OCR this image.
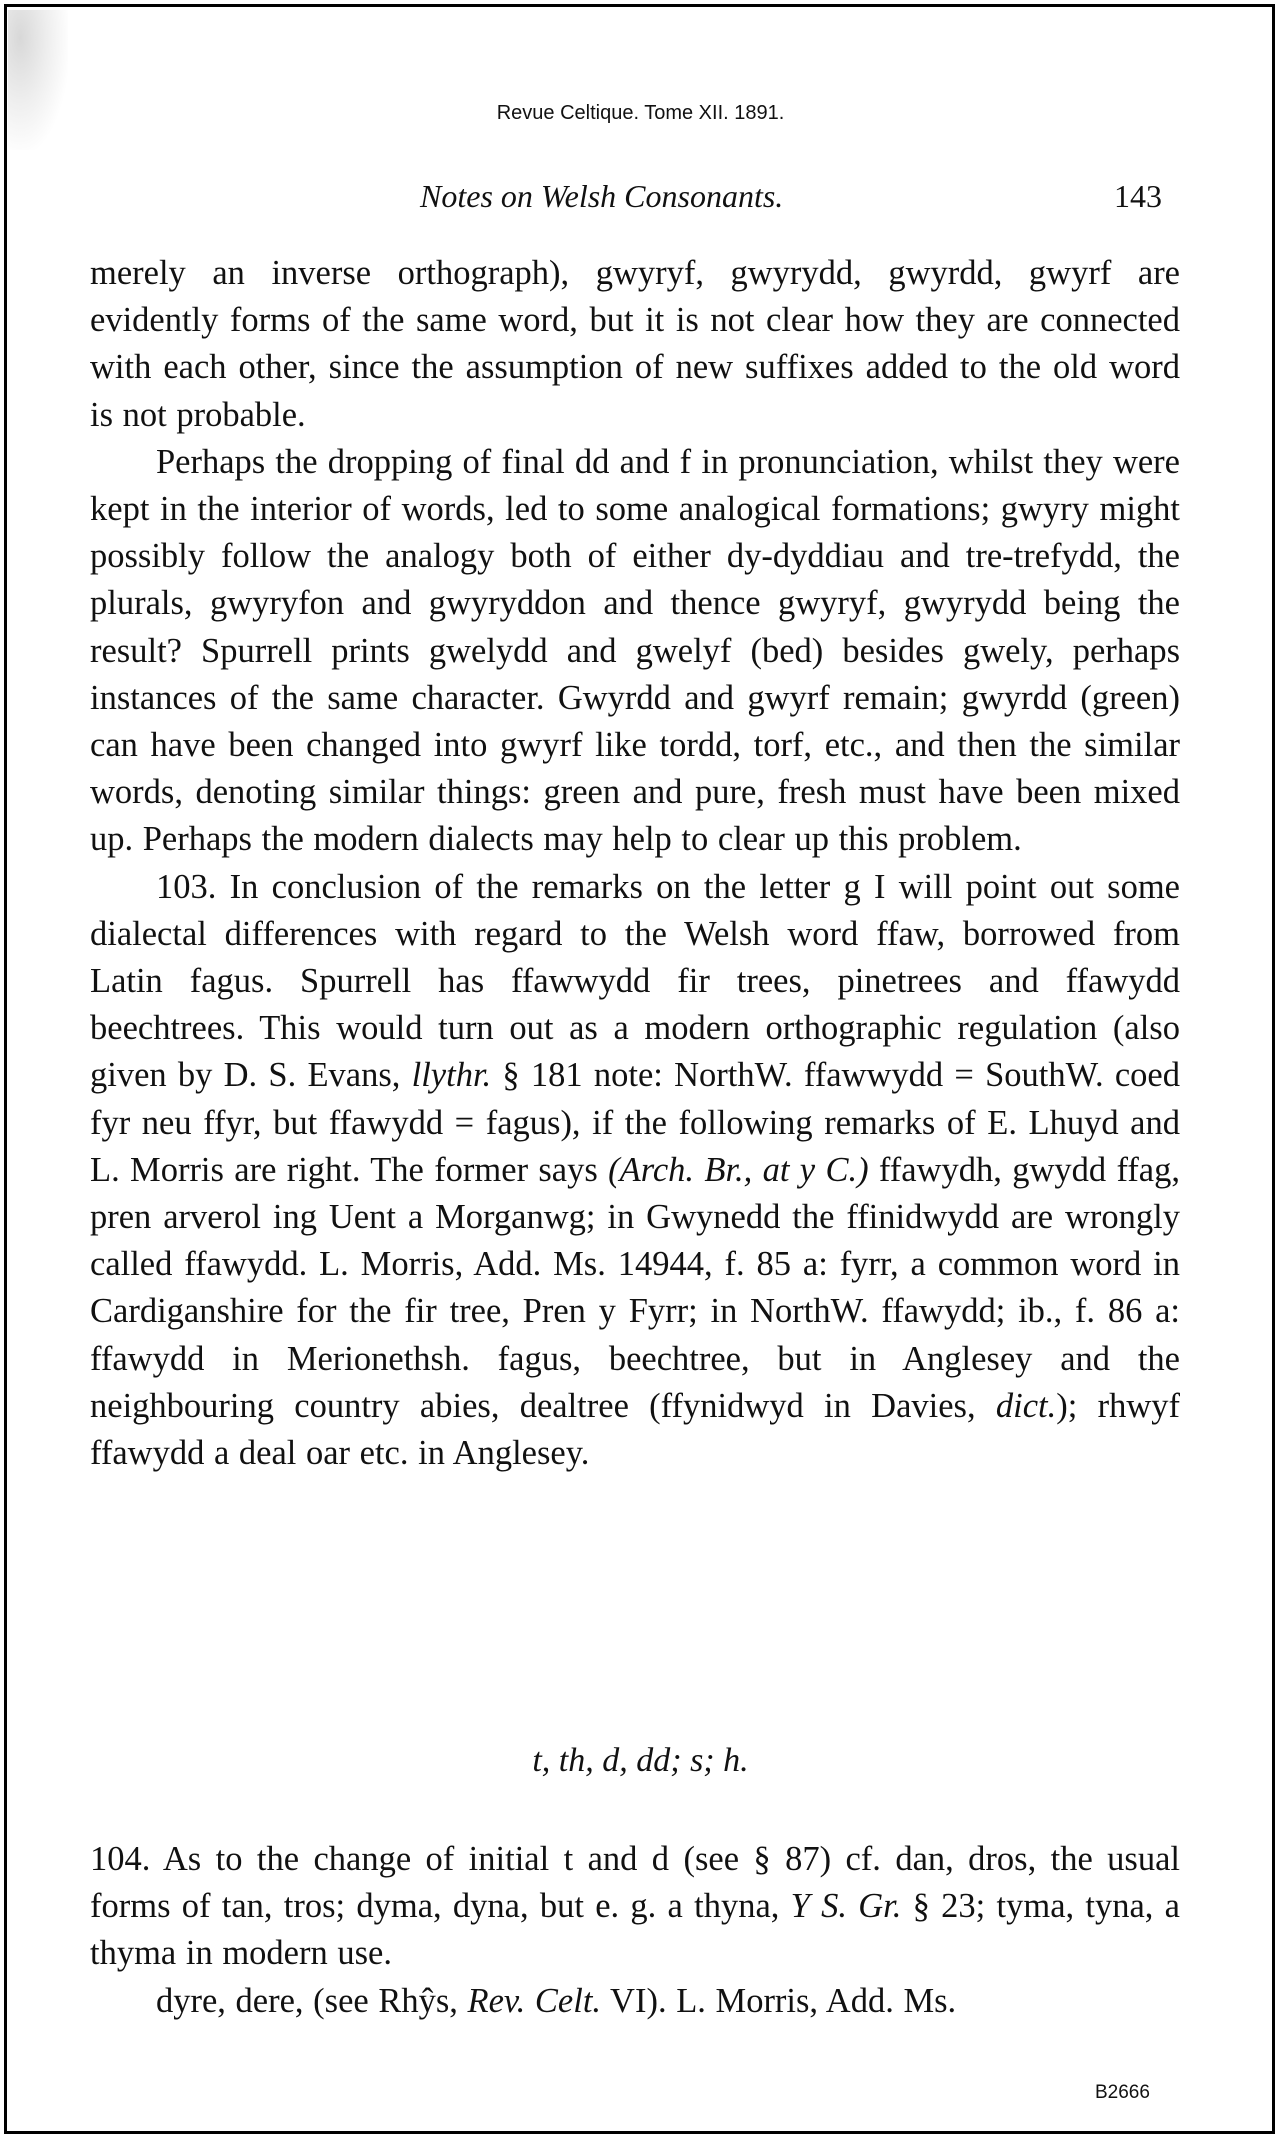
Revue Celtique. Tome XII. 1891.
Notes on Welsh Consonants.	143

merely an inverse orthograph), gwyryf, gwyrydd, gwyrdd, gwyrf are evidently forms of the same word, but it is not clear how they are connected with each other, since the assumption of new suffixes added to the old word is not probable.

Perhaps the dropping of final dd and f in pronunciation, whilst they were kept in the interior of words, led to some analogical formations; gwyry might possibly follow the analogy both of either dy-dyddiau and tre-trefydd, the plurals, gwyryfon and gwyryddon and thence gwyryf, gwyrydd being the result? Spurrell prints gwelydd and gwelyf (bed) besides gwely, perhaps instances of the same character. Gwyrdd and gwyrf remain; gwyrdd (green) can have been changed into gwyrf like tordd, torf, etc., and then the similar words, denoting similar things: green and pure, fresh must have been mixed up. Perhaps the modern dialects may help to clear up this problem.

103. In conclusion of the remarks on the letter g I will point out some dialectal differences with regard to the Welsh word ffaw, borrowed from Latin fagus. Spurrell has ffawwydd fir trees, pinetrees and ffawydd beechtrees. This would turn out as a modern orthographic regulation (also given by D. S. Evans, llythr. § 181 note: NorthW. ffawwydd = SouthW. coed fyr neu ffyr, but ffawydd = fagus), if the following remarks of E. Lhuyd and L. Morris are right. The former says (Arch. Br., at y C.) ffawydh, gwydd ffag, pren arverol ing Uent a Morganwg; in Gwynedd the ffinidwydd are wrongly called ffawydd. L. Morris, Add. Ms. 14944, f. 85 a: fyrr, a common word in Cardiganshire for the fir tree, Pren y Fyrr; in NorthW. ffawydd; ib., f. 86 a: ffawydd in Merionethsh. fagus, beechtree, but in Anglesey and the neighbouring country abies, dealtree (ffynidwyd in Davies, dict.); rhwyf ffawydd a deal oar etc. in Anglesey.

t, th, d, dd; s; h.

104. As to the change of initial t and d (see § 87) cf. dan, dros, the usual forms of tan, tros; dyma, dyna, but e. g. a thyna, Y S. Gr. § 23; tyma, tyna, a thyma in modern use.

dyre, dere, (see Rhŷs, Rev. Celt. VI). L. Morris, Add. Ms.

B2666
